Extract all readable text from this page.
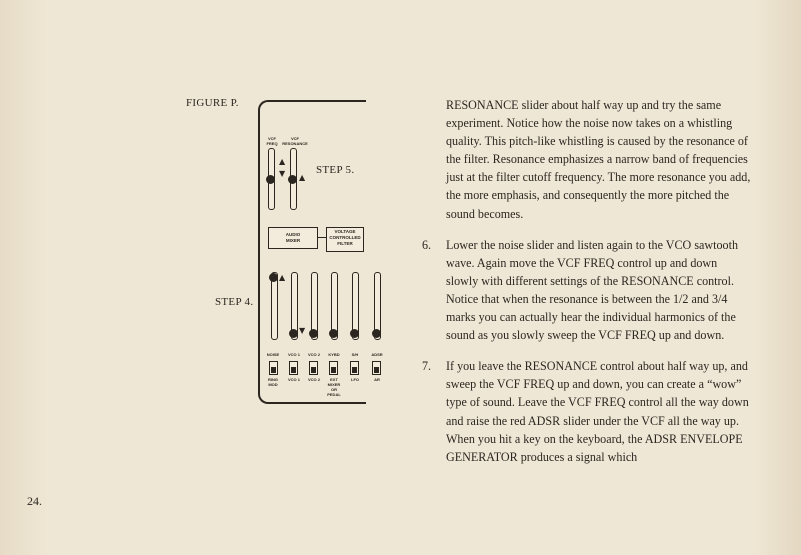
FIGURE P.
STEP 5.
STEP 4.
VCF
FREQ
VCF
RESONANCE
▲
▼ ▲
AUDIO
MIXER
VOLTAGE
CONTROLLED
FILTER
▲
▼
NOISE	VCO 1	VCO 2	KYBD	S/H	ADSR
RING
MOD
VCO 1	VCO 2	EXT
MIXER
OR
PEDAL
LFO	AR

RESONANCE slider about half way up and try the same experiment. Notice how the noise now takes on a whistling quality. This pitch-like whistling is caused by the resonance of the filter. Resonance emphasizes a narrow band of frequencies just at the filter cutoff frequency. The more resonance you add, the more emphasis, and consequently the more pitched the sound becomes.

6. Lower the noise slider and listen again to the VCO sawtooth wave. Again move the VCF FREQ control up and down slowly with different settings of the RESONANCE control. Notice that when the resonance is between the 1/2 and 3/4 marks you can actually hear the individual harmonics of the sound as you slowly sweep the VCF FREQ up and down.
7. If you leave the RESONANCE control about half way up, and sweep the VCF FREQ up and down, you can create a “wow” type of sound. Leave the VCF FREQ control all the way down and raise the red ADSR slider under the VCF all the way up. When you hit a key on the keyboard, the ADSR ENVELOPE GENERATOR produces a signal which
24.
